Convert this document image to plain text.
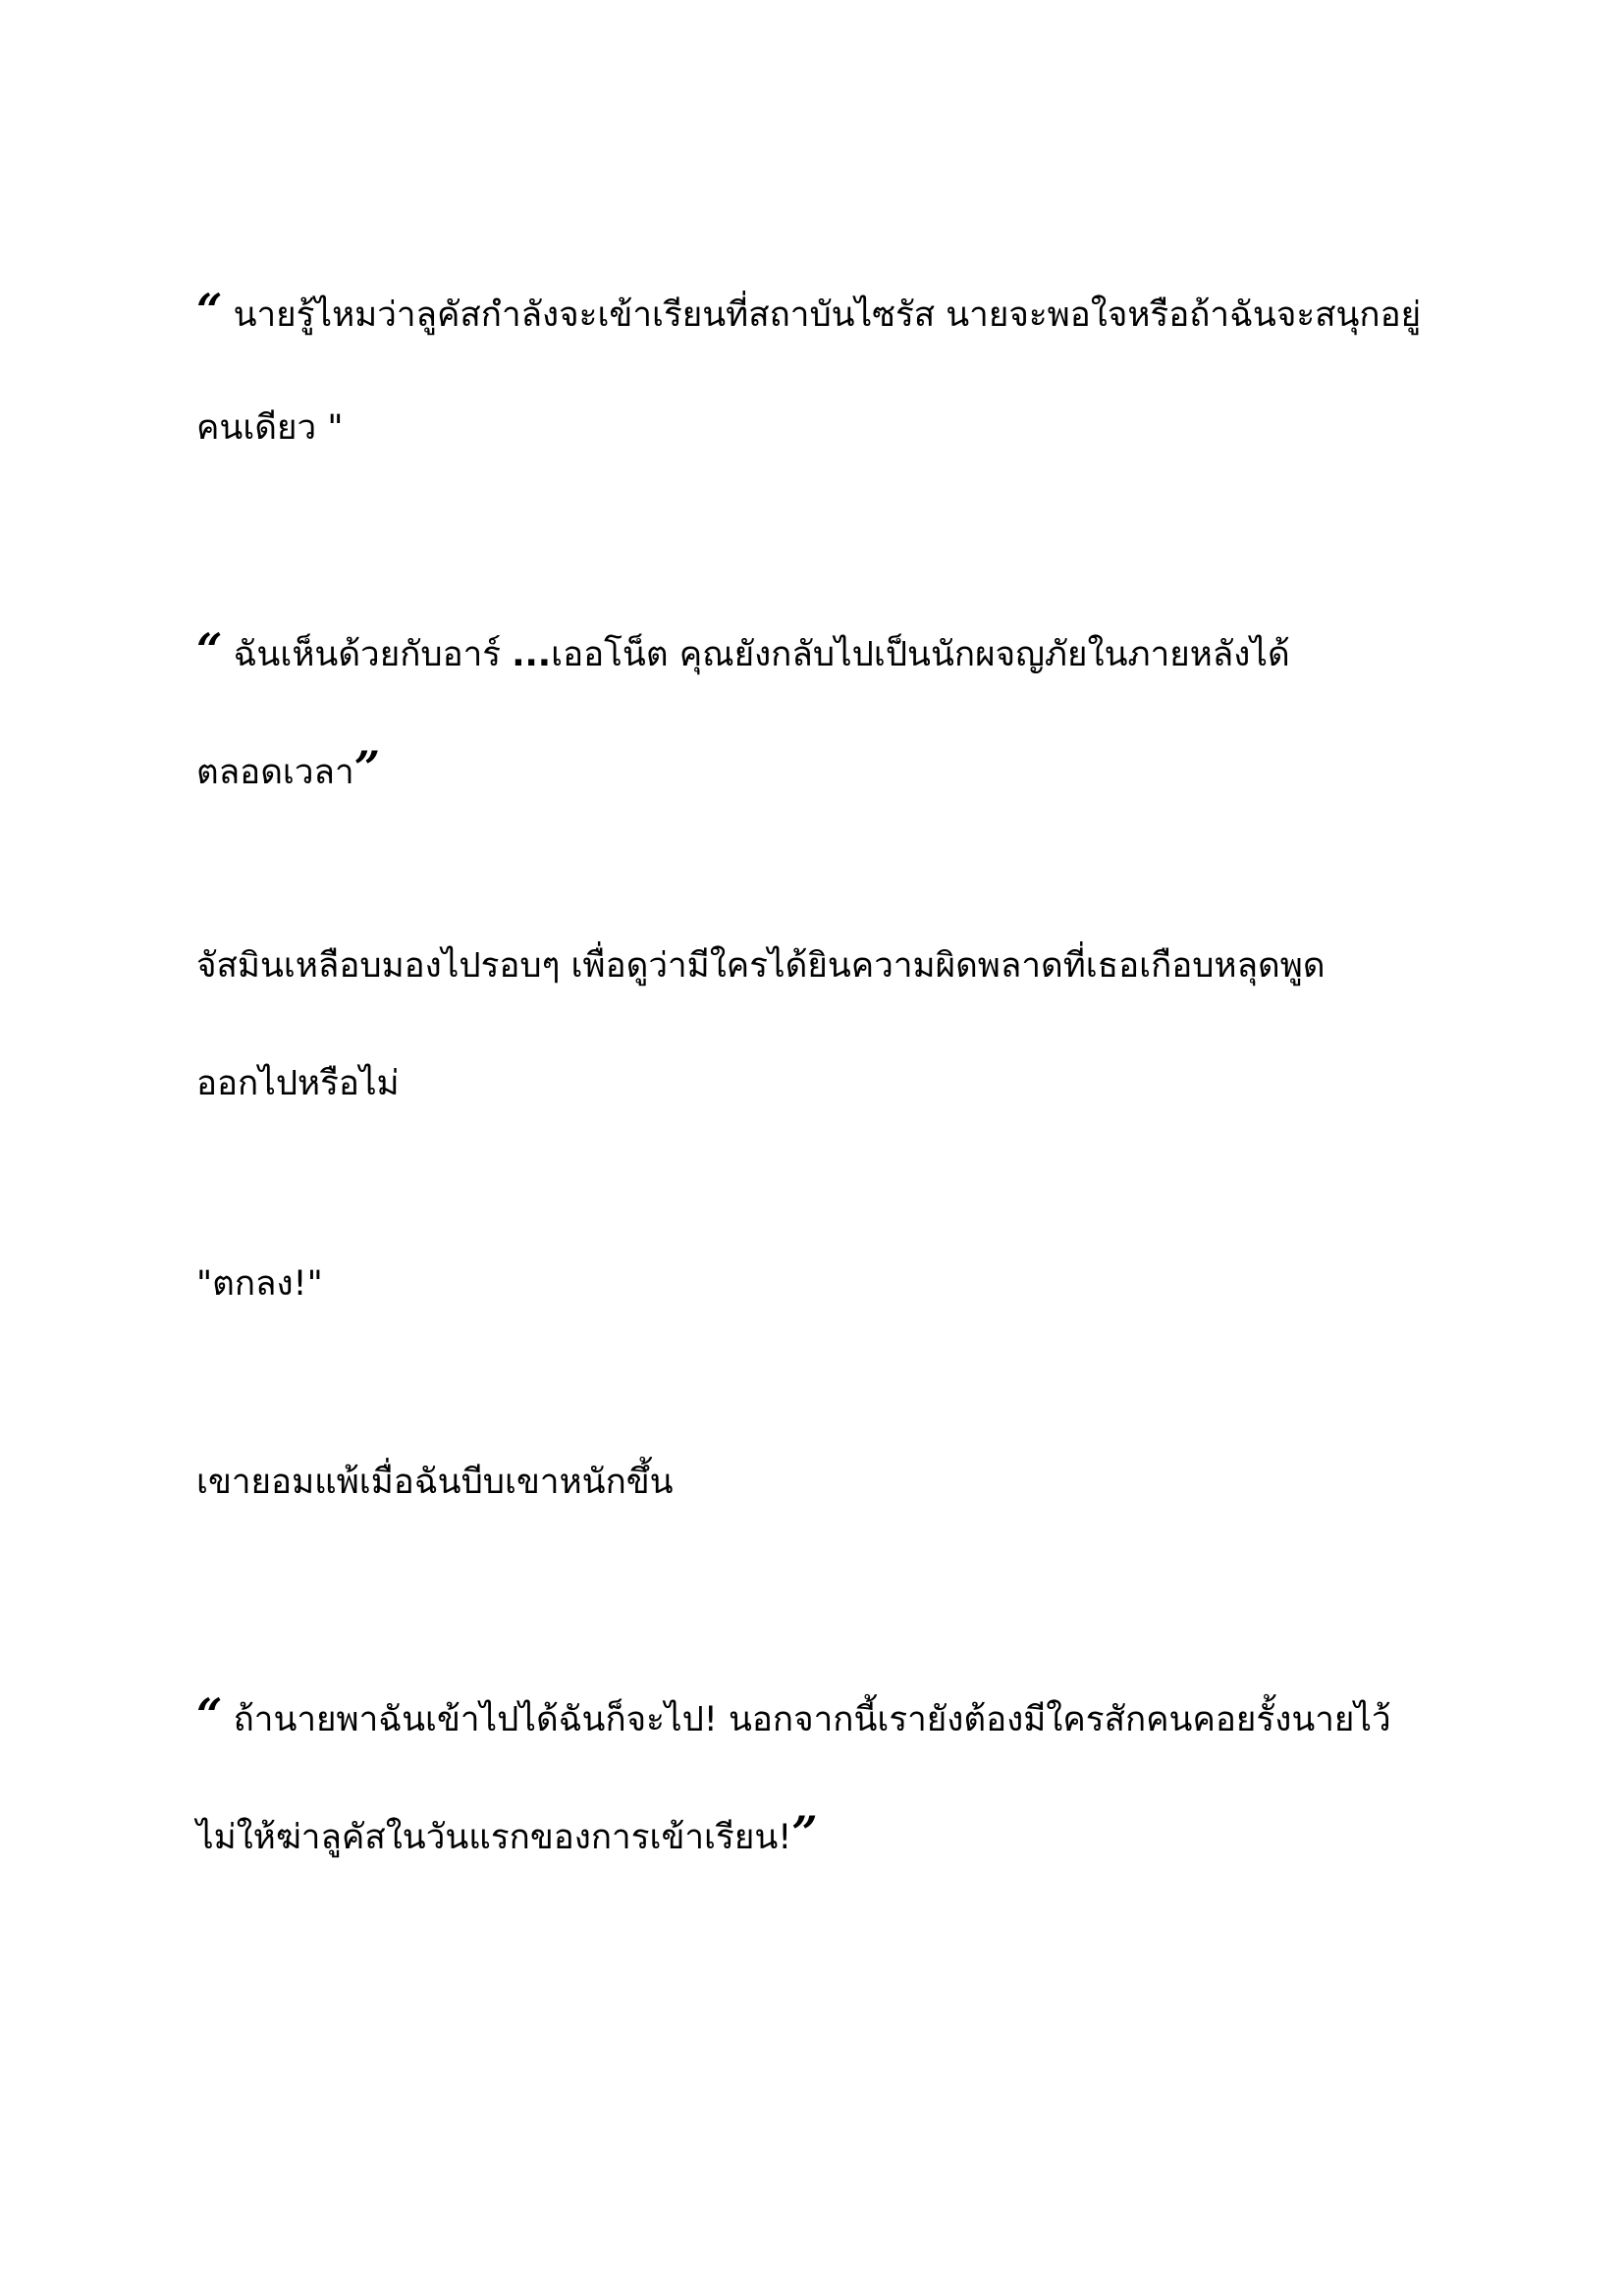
“ นายรู้ไหมว่าลูคัสกำลังจะเข้าเรียนที่สถาบันไซรัส นายจะพอใจหรือถ้าฉันจะสนุกอยู่
คนเดียว "

“ ฉันเห็นด้วยกับอาร์ ...เออโน็ต คุณยังกลับไปเป็นนักผจญภัยในภายหลังได้
ตลอดเวลา”

จัสมินเหลือบมองไปรอบๆ เพื่อดูว่ามีใครได้ยินความผิดพลาดที่เธอเกือบหลุดพูด
ออกไปหรือไม่

"ตกลง!"

เขายอมแพ้เมื่อฉันบีบเขาหนักขึ้น

“ ถ้านายพาฉันเข้าไปได้ฉันก็จะไป! นอกจากนี้เรายังต้องมีใครสักคนคอยรั้งนายไว้
ไม่ให้ฆ่าลูคัสในวันแรกของการเข้าเรียน!”
